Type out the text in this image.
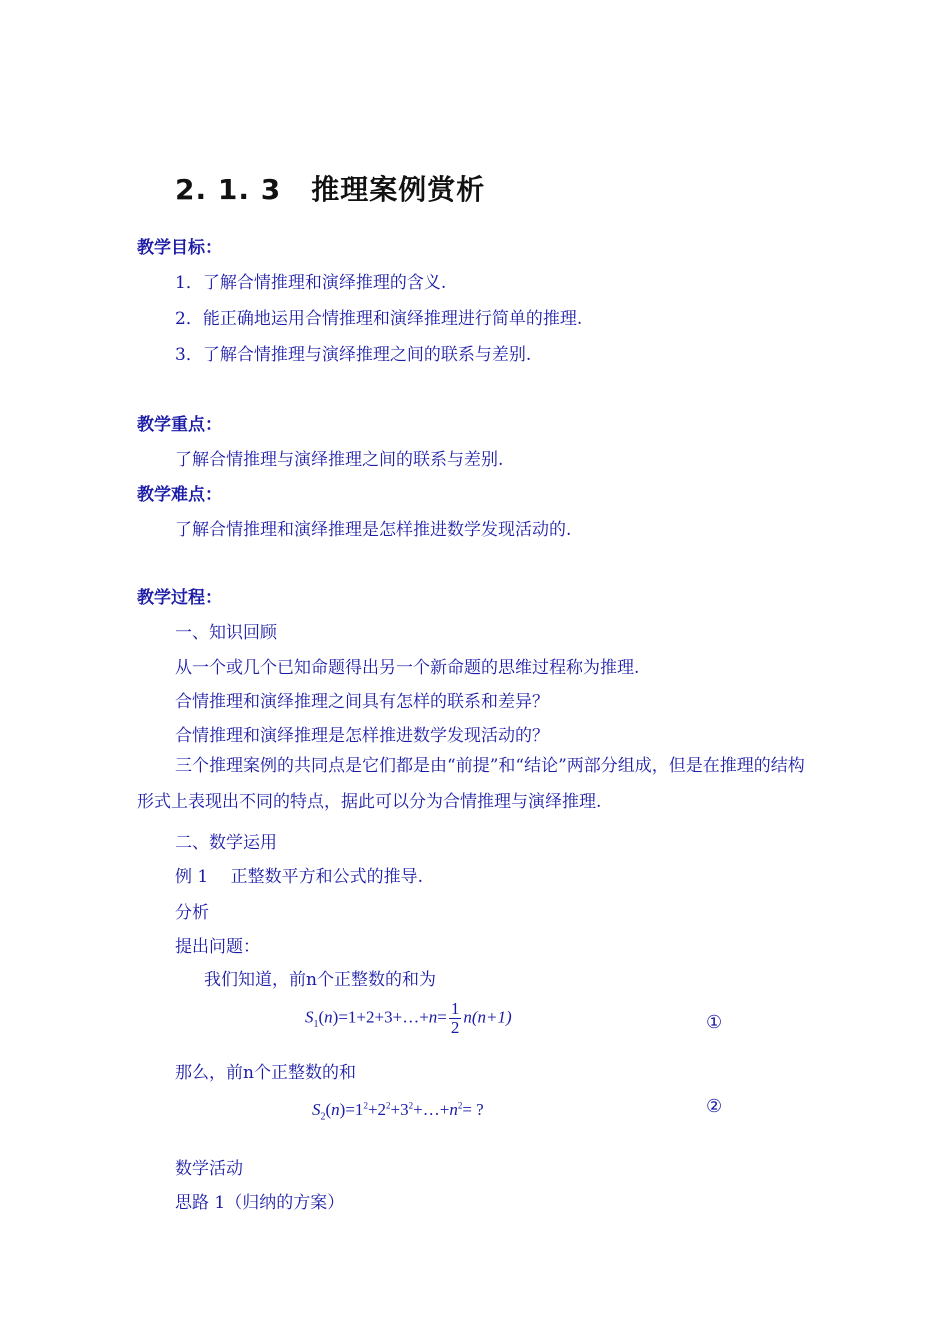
2. 1. 3 推理案例赏析
教学目标：
1．了解合情推理和演绎推理的含义.
2．能正确地运用合情推理和演绎推理进行简单的推理.
3．了解合情推理与演绎推理之间的联系与差别.
教学重点：
了解合情推理与演绎推理之间的联系与差别.
教学难点：
了解合情推理和演绎推理是怎样推进数学发现活动的.
教学过程：
一、知识回顾
从一个或几个已知命题得出另一个新命题的思维过程称为推理.
合情推理和演绎推理之间具有怎样的联系和差异？
合情推理和演绎推理是怎样推进数学发现活动的？
三个推理案例的共同点是它们都是由“前提”和“结论”两部分组成，但是在推理的结构形式上表现出不同的特点，据此可以分为合情推理与演绎推理.
二、数学运用
例 1　 正整数平方和公式的推导.
分析
提出问题：
我们知道，前n个正整数的和为
$S_1(n)=1+2+3+\dots+n= \frac{1}{2} n(n+1)$	①
那么，前n个正整数的和
$S_2(n)=1^2+2^2+3^2+\dots+n^2=$ ?	②
数学活动
思路 1（归纳的方案）
